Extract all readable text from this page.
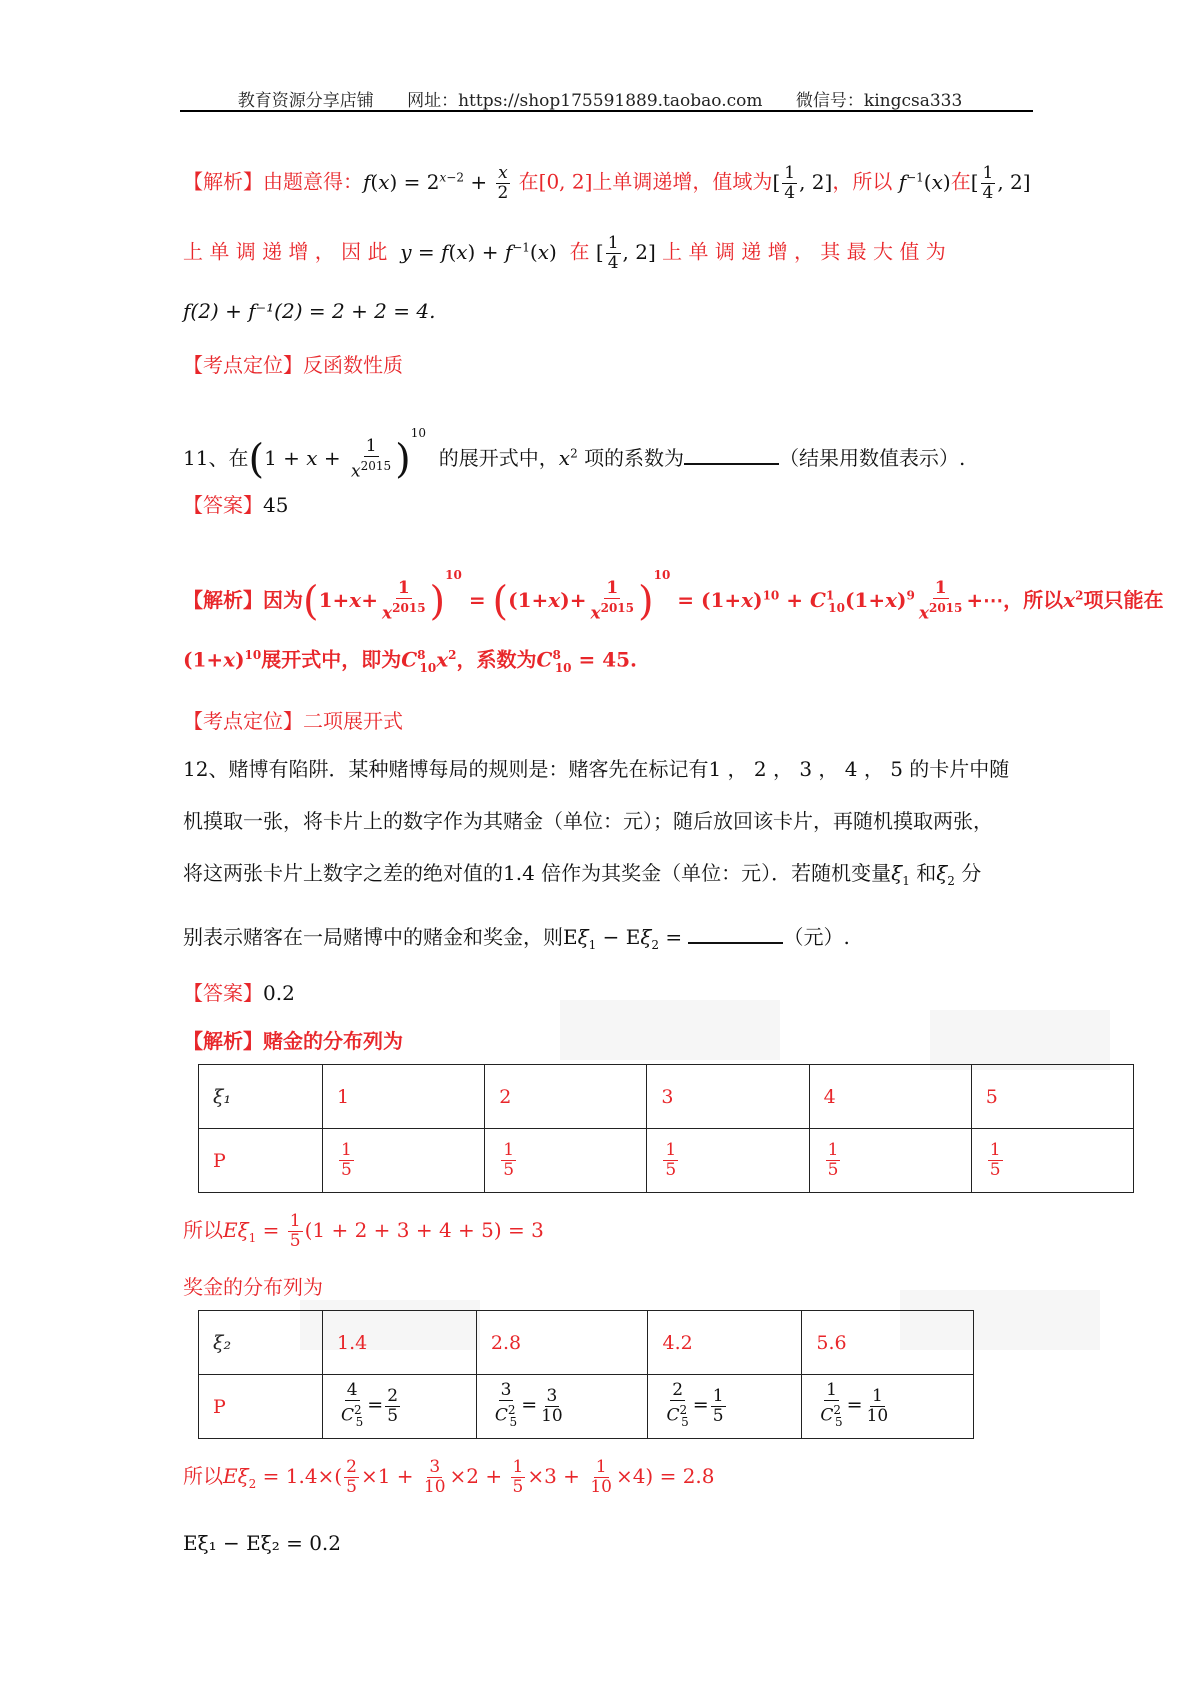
教育资源分享店铺 网址：https://shop175591889.taobao.com 微信号：kingcsa333
【解析】由题意得：$f(x) = 2^{x-2} + \frac{x}{2}$ 在[0, 2]上单调递增，值域为[ $\frac{1}{4}$ , 2]，所以 $f^{-1}(x)$在[ $\frac{1}{4}$ , 2]
上 单 调 递 增 ， 因 此 $y = f(x) + f^{-1}(x)$ 在 [ $\frac{1}{4}$ , 2] 上 单 调 递 增 ， 其 最 大 值 为
f(2) + f⁻¹(2) = 2 + 2 = 4.
【考点定位】反函数性质
11、在$(1 + x + \frac{1}{x^{2015}} )^{10}$  的展开式中，$x^2$ 项的系数为	（结果用数值表示）.
【答案】45
【解析】因为$(1+x+ \frac{1}{x^{2015}} )^{10} = ((1+x)+ \frac{1}{x^{2015}} )^{10} = (1+x)^{10} + C^1_{10}(1+x)^9 \frac{1}{x^{2015}}$ +⋯，所以$x^2$项只能在
$(1+x)^{10}$展开式中，即为$C^8_{10}x^2$，系数为$C^8_{10} = 45$.
【考点定位】二项展开式
12、赌博有陷阱．某种赌博每局的规则是：赌客先在标记有1 ， 2 ， 3 ， 4 ， 5 的卡片中随
机摸取一张，将卡片上的数字作为其赌金（单位：元）；随后放回该卡片，再随机摸取两张，
将这两张卡片上数字之差的绝对值的1.4 倍作为其奖金（单位：元）．若随机变量$\xi_1$ 和$\xi_2$ 分
别表示赌客在一局赌博中的赌金和奖金，则$E\xi_1 - E\xi_2$ =	（元）.
【答案】0.2
【解析】赌金的分布列为
ξ₁	1	2	3	4	5
P	$\frac{1}{5}$	$\frac{1}{5}$	$\frac{1}{5}$	$\frac{1}{5}$	$\frac{1}{5}$
所以$E\xi_1 = \frac{1}{5} (1 + 2 + 3 + 4 + 5) = 3$
奖金的分布列为
ξ₂	1.4	2.8	4.2	5.6
P	$\frac{4}{C^2_5} = \frac{2}{5}$	$\frac{3}{C^2_5} = \frac{3}{10}$	$\frac{2}{C^2_5} = \frac{1}{5}$	$\frac{1}{C^2_5} = \frac{1}{10}$
所以$E\xi_2 = 1.4\times( \frac{2}{5} \times 1 + \frac{3}{10} \times 2 + \frac{1}{5} \times 3 + \frac{1}{10} \times 4) = 2.8$
Eξ₁ − Eξ₂ = 0.2
